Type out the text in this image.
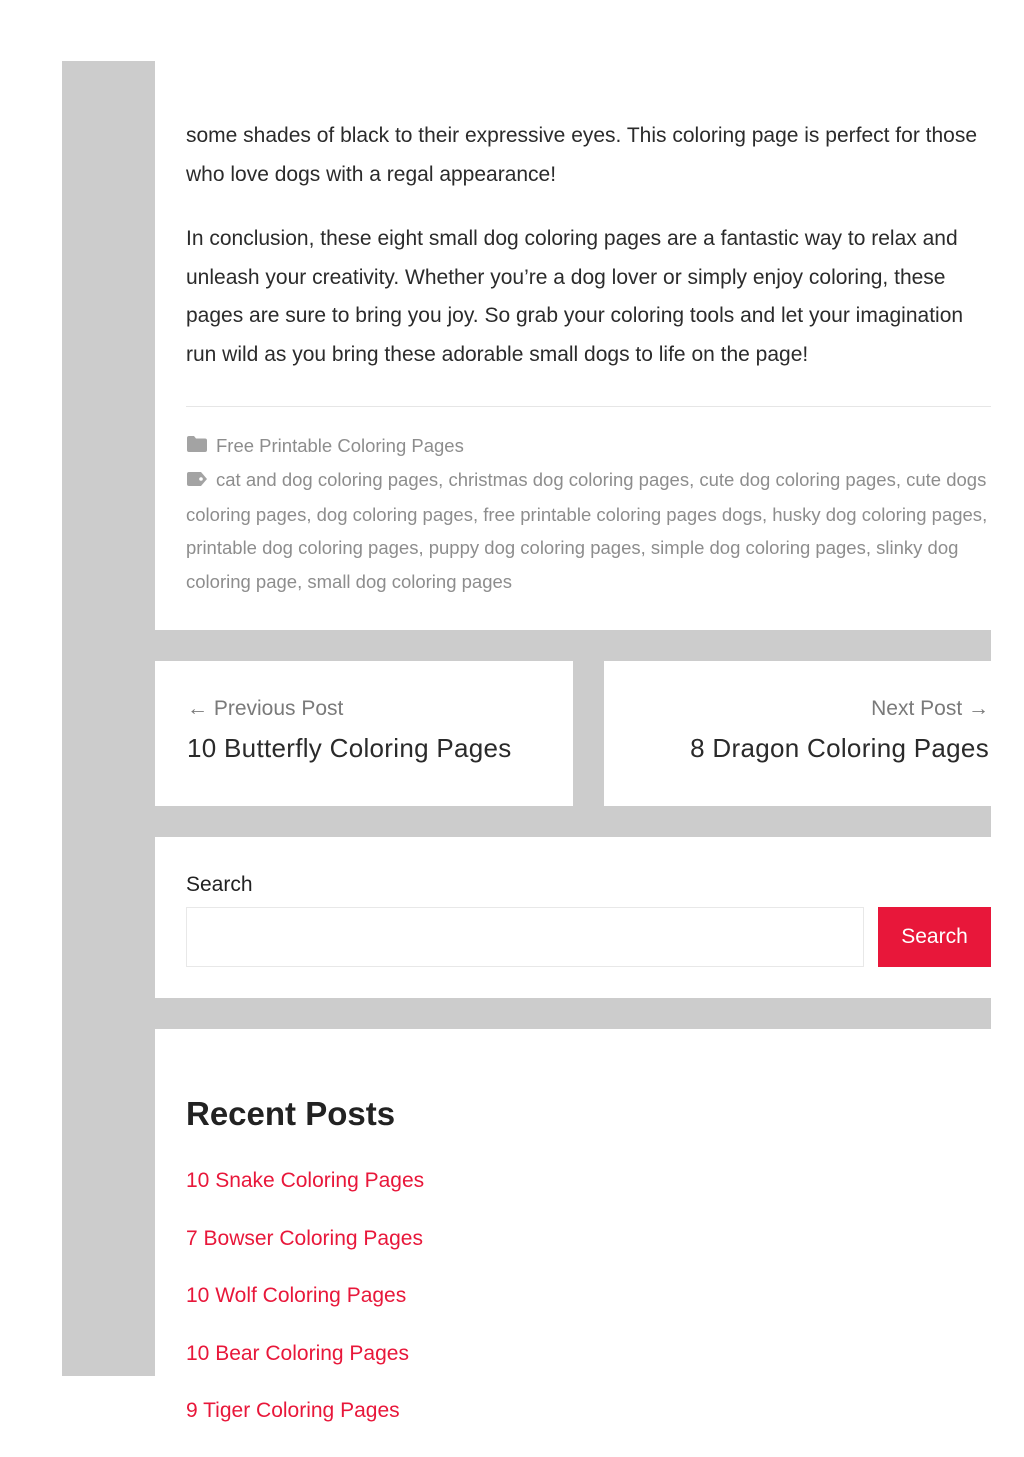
some shades of black to their expressive eyes. This coloring page is perfect for those who love dogs with a regal appearance!

In conclusion, these eight small dog coloring pages are a fantastic way to relax and unleash your creativity. Whether you’re a dog lover or simply enjoy coloring, these pages are sure to bring you joy. So grab your coloring tools and let your imagination run wild as you bring these adorable small dogs to life on the page!

Free Printable Coloring Pages
cat and dog coloring pages, christmas dog coloring pages, cute dog coloring pages, cute dogs coloring pages, dog coloring pages, free printable coloring pages dogs, husky dog coloring pages, printable dog coloring pages, puppy dog coloring pages, simple dog coloring pages, slinky dog coloring page, small dog coloring pages
← Previous Post
10 Butterfly Coloring Pages
Next Post →
8 Dragon Coloring Pages
Search
Search
Recent Posts
10 Snake Coloring Pages
7 Bowser Coloring Pages
10 Wolf Coloring Pages
10 Bear Coloring Pages
9 Tiger Coloring Pages
